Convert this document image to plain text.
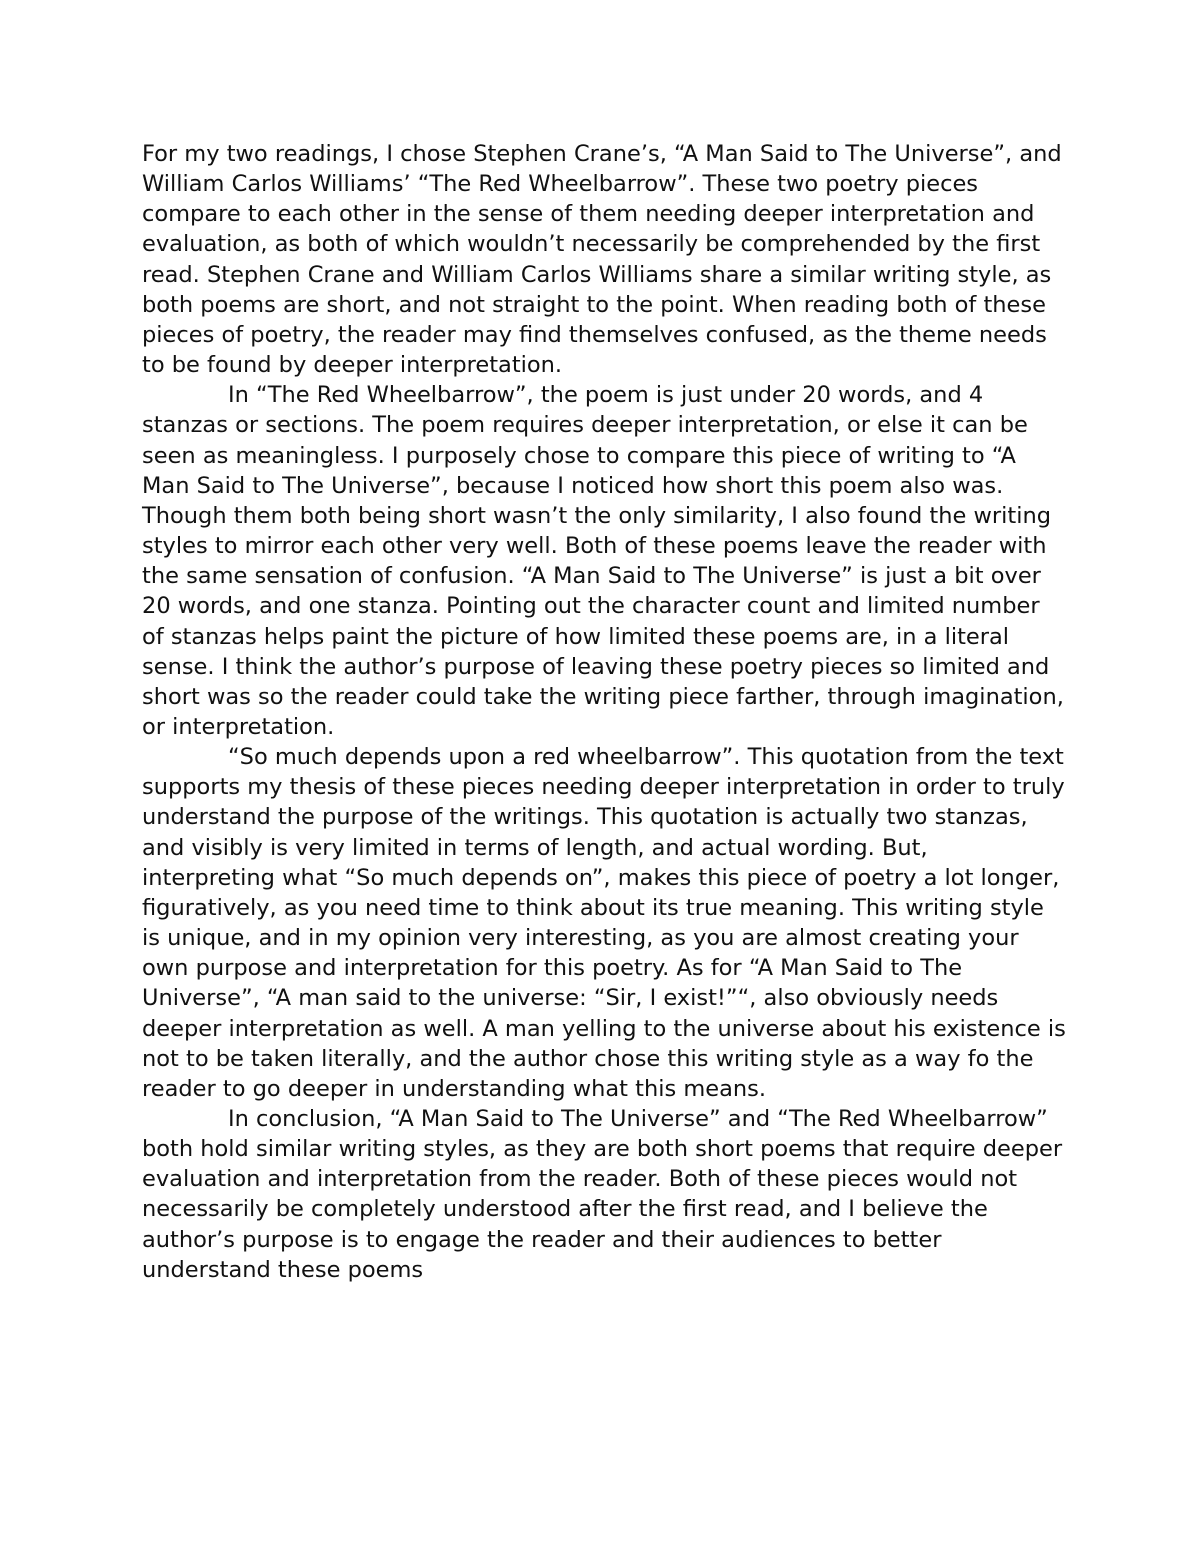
For my two readings, I chose Stephen Crane’s, “A Man Said to The Universe”, and William Carlos Williams’ “The Red Wheelbarrow”. These two poetry pieces compare to each other in the sense of them needing deeper interpretation and evaluation, as both of which wouldn’t necessarily be comprehended by the first read. Stephen Crane and William Carlos Williams share a similar writing style, as both poems are short, and not straight to the point. When reading both of these pieces of poetry, the reader may find themselves confused, as the theme needs to be found by deeper interpretation.

In “The Red Wheelbarrow”, the poem is just under 20 words, and 4 stanzas or sections. The poem requires deeper interpretation, or else it can be seen as meaningless. I purposely chose to compare this piece of writing to “A Man Said to The Universe”, because I noticed how short this poem also was. Though them both being short wasn’t the only similarity, I also found the writing styles to mirror each other very well. Both of these poems leave the reader with the same sensation of confusion. “A Man Said to The Universe” is just a bit over 20 words, and one stanza. Pointing out the character count and limited number of stanzas helps paint the picture of how limited these poems are, in a literal sense. I think the author’s purpose of leaving these poetry pieces so limited and short was so the reader could take the writing piece farther, through imagination, or interpretation.

“So much depends upon a red wheelbarrow”. This quotation from the text supports my thesis of these pieces needing deeper interpretation in order to truly understand the purpose of the writings. This quotation is actually two stanzas, and visibly is very limited in terms of length, and actual wording. But, interpreting what “So much depends on”, makes this piece of poetry a lot longer, figuratively, as you need time to think about its true meaning. This writing style is unique, and in my opinion very interesting, as you are almost creating your own purpose and interpretation for this poetry. As for “A Man Said to The Universe”, “A man said to the universe: “Sir, I exist!”“, also obviously needs deeper interpretation as well. A man yelling to the universe about his existence is not to be taken literally, and the author chose this writing style as a way fo the reader to go deeper in understanding what this means.

In conclusion, “A Man Said to The Universe” and “The Red Wheelbarrow” both hold similar writing styles, as they are both short poems that require deeper evaluation and interpretation from the reader. Both of these pieces would not necessarily be completely understood after the first read, and I believe the author’s purpose is to engage the reader and their audiences to better understand these poems
